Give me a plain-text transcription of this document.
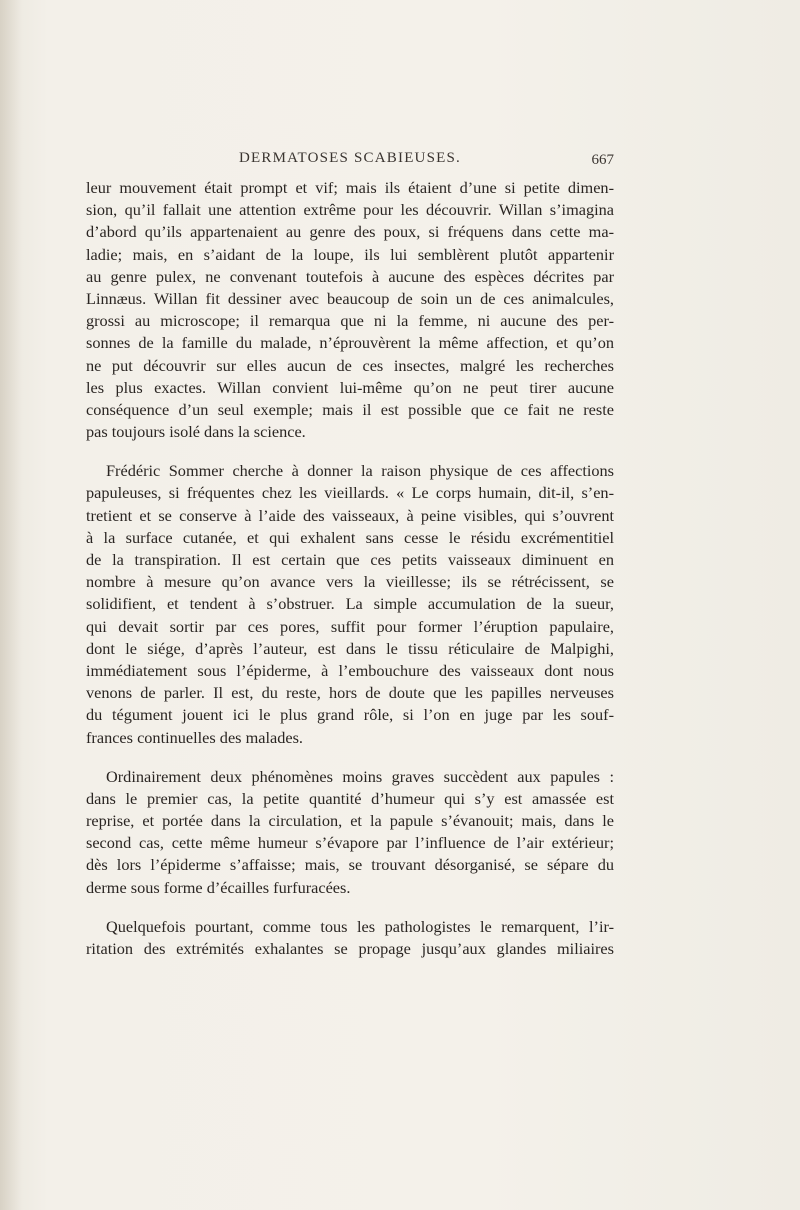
DERMATOSES SCABIEUSES.	667
leur mouvement était prompt et vif; mais ils étaient d’une si petite dimen-
sion, qu’il fallait une attention extrême pour les découvrir. Willan s’imagina
d’abord qu’ils appartenaient au genre des poux, si fréquens dans cette ma-
ladie; mais, en s’aidant de la loupe, ils lui semblèrent plutôt appartenir
au genre pulex, ne convenant toutefois à aucune des espèces décrites par
Linnæus. Willan fit dessiner avec beaucoup de soin un de ces animalcules,
grossi au microscope; il remarqua que ni la femme, ni aucune des per-
sonnes de la famille du malade, n’éprouvèrent la même affection, et qu’on
ne put découvrir sur elles aucun de ces insectes, malgré les recherches
les plus exactes. Willan convient lui-même qu’on ne peut tirer aucune
conséquence d’un seul exemple; mais il est possible que ce fait ne reste
pas toujours isolé dans la science.
Frédéric Sommer cherche à donner la raison physique de ces affections
papuleuses, si fréquentes chez les vieillards. « Le corps humain, dit-il, s’en-
tretient et se conserve à l’aide des vaisseaux, à peine visibles, qui s’ouvrent
à la surface cutanée, et qui exhalent sans cesse le résidu excrémentitiel
de la transpiration. Il est certain que ces petits vaisseaux diminuent en
nombre à mesure qu’on avance vers la vieillesse; ils se rétrécissent, se
solidifient, et tendent à s’obstruer. La simple accumulation de la sueur,
qui devait sortir par ces pores, suffit pour former l’éruption papulaire,
dont le siége, d’après l’auteur, est dans le tissu réticulaire de Malpighi,
immédiatement sous l’épiderme, à l’embouchure des vaisseaux dont nous
venons de parler. Il est, du reste, hors de doute que les papilles nerveuses
du tégument jouent ici le plus grand rôle, si l’on en juge par les souf-
frances continuelles des malades.
Ordinairement deux phénomènes moins graves succèdent aux papules :
dans le premier cas, la petite quantité d’humeur qui s’y est amassée est
reprise, et portée dans la circulation, et la papule s’évanouit; mais, dans le
second cas, cette même humeur s’évapore par l’influence de l’air extérieur;
dès lors l’épiderme s’affaisse; mais, se trouvant désorganisé, se sépare du
derme sous forme d’écailles furfuracées.
Quelquefois pourtant, comme tous les pathologistes le remarquent, l’ir-
ritation des extrémités exhalantes se propage jusqu’aux glandes miliaires
